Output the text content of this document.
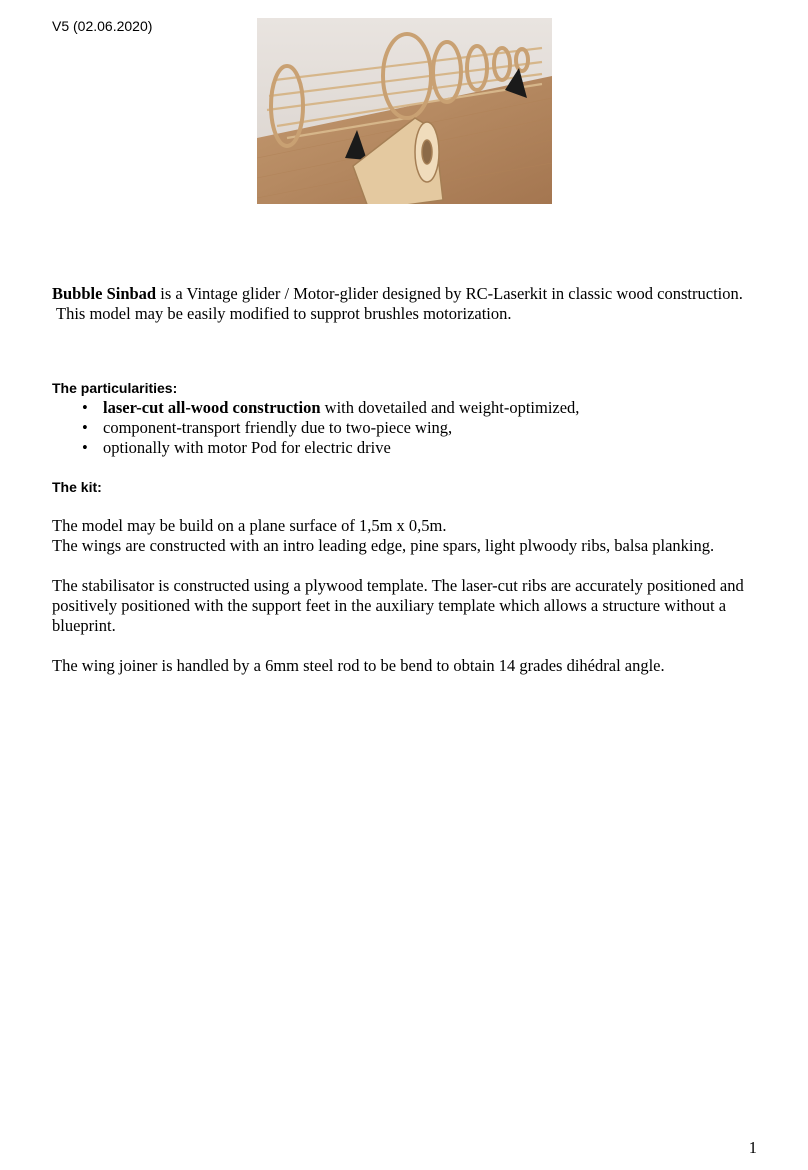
V5 (02.06.2020)

Bubble Sinbad is a Vintage glider / Motor-glider designed by RC-Laserkit in classic wood construction.
This model may be easily modified to supprot brushles motorization.

The particularities:
• laser-cut all-wood construction with dovetailed and weight-optimized,
• component-transport friendly due to two-piece wing,
• optionally with motor Pod for electric drive
The kit:

The model may be build on a plane surface of 1,5m x 0,5m.
The wings are constructed with an intro leading edge, pine spars, light plwoody ribs, balsa planking.

The stabilisator is constructed using a plywood template. The laser-cut ribs are accurately positioned and positively positioned with the support feet in the auxiliary template which allows a structure without a blueprint.

The wing joiner is handled by a 6mm steel rod to be bend to obtain 14 grades dihédral angle.

1
